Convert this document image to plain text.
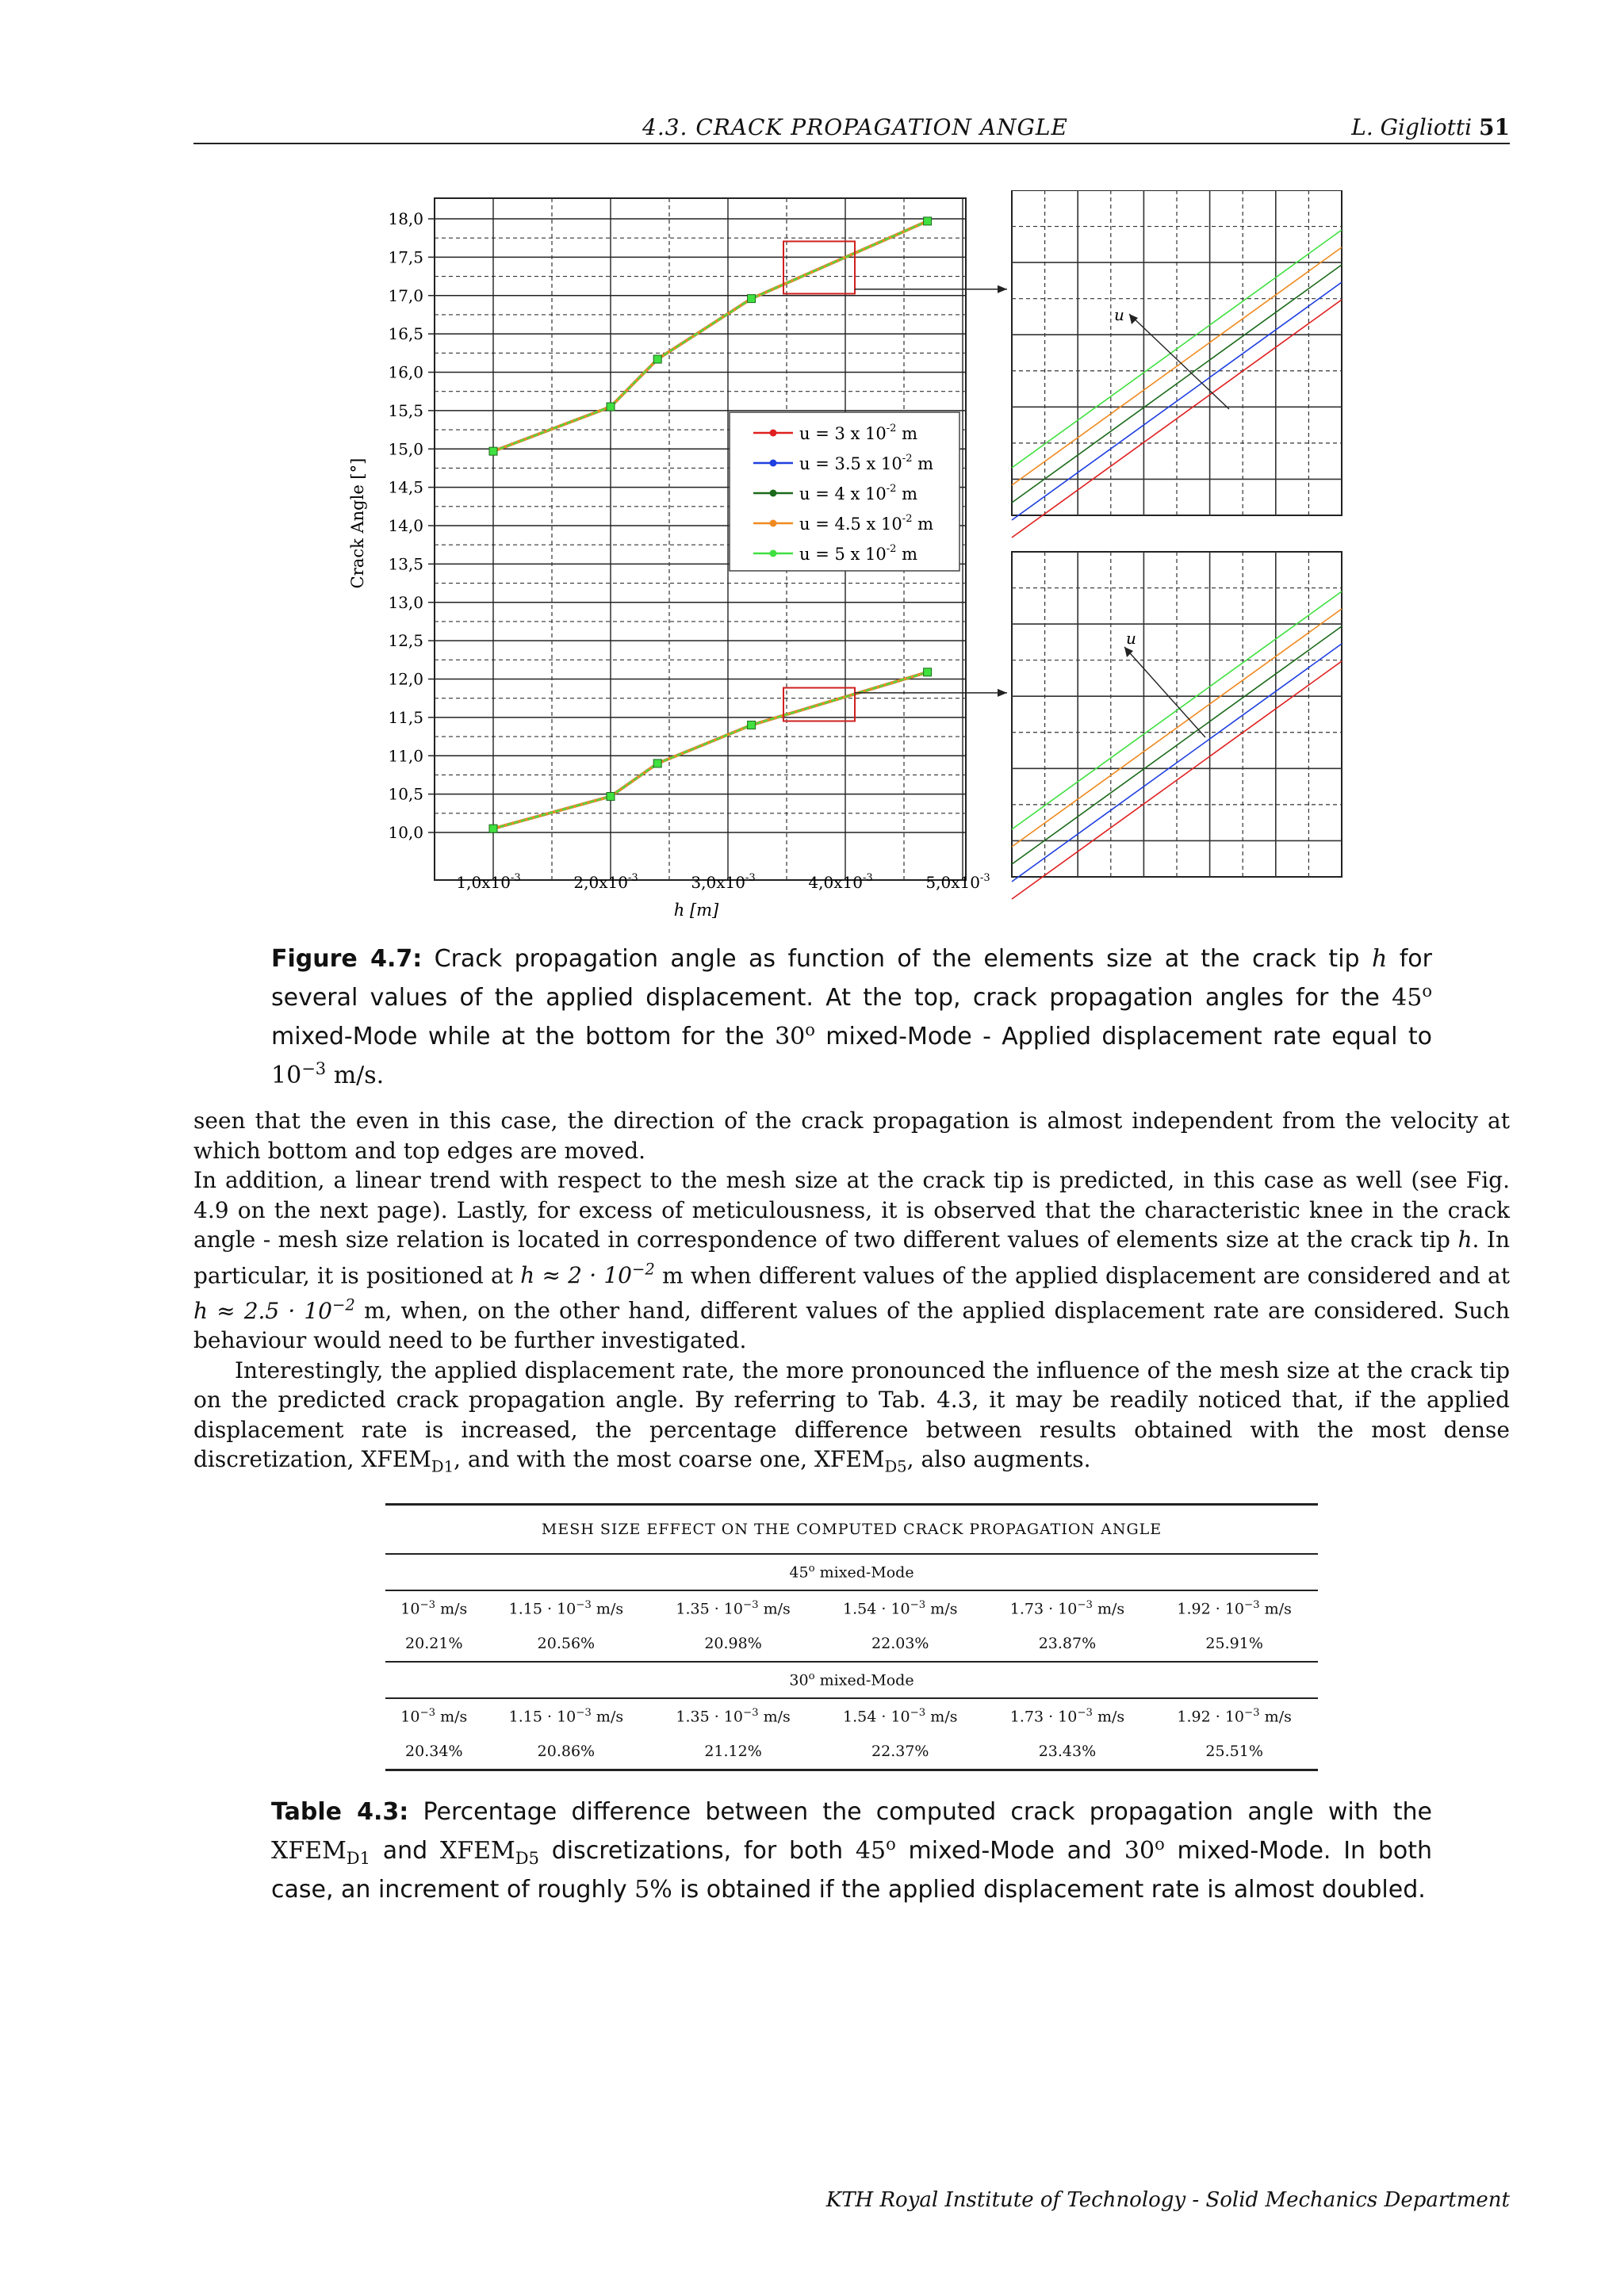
4.3. CRACK PROPAGATION ANGLE	L. Gigliotti 51
18,0
17,5
17,0
16,5
16,0
15,5
15,0
14,5
14,0
13,5
13,0
12,5
12,0
11,5
11,0
10,5
10,0
$1,0x10^{-3}$	$2,0x10^{-3}$	$3,0x10^{-3}$	$4,0x10^{-3}$	$5,0x10^{-3}$
h [m]
Crack Angle [°]
u = 3 x $10^{-2}$ m
u = 3.5 x $10^{-2}$ m
u = 4 x $10^{-2}$ m
u = 4.5 x $10^{-2}$ m
u = 5 x $10^{-2}$ m
u
u
Figure 4.7: Crack propagation angle as function of the elements size at the crack tip h for several values of the applied displacement. At the top, crack propagation angles for the 45$^o$ mixed-Mode while at the bottom for the 30$^o$ mixed-Mode - Applied displacement rate equal to $10^{-3}$ m/s.

seen that the even in this case, the direction of the crack propagation is almost independent from the velocity at which bottom and top edges are moved.

In addition, a linear trend with respect to the mesh size at the crack tip is predicted, in this case as well (see Fig. 4.9 on the next page). Lastly, for excess of meticulousness, it is observed that the characteristic knee in the crack angle - mesh size relation is located in correspondence of two different values of elements size at the crack tip h. In particular, it is positioned at $h \approx 2 \cdot 10^{-2}$ m when different values of the applied displacement are considered and at $h \approx 2.5 \cdot 10^{-2}$ m, when, on the other hand, different values of the applied displacement rate are considered. Such behaviour would need to be further investigated.

Interestingly, the applied displacement rate, the more pronounced the influence of the mesh size at the crack tip on the predicted crack propagation angle. By referring to Tab. 4.3, it may be readily noticed that, if the applied displacement rate is increased, the percentage difference between results obtained with the most dense discretization, $XFEM_{D1}$, and with the most coarse one, $XFEM_{D5}$, also augments.

MESH SIZE EFFECT ON THE COMPUTED CRACK PROPAGATION ANGLE					
45$^o$ mixed-Mode					
$10^{-3}$ m/s	$1.15 \cdot 10^{-3}$ m/s	$1.35 \cdot 10^{-3}$ m/s	$1.54 \cdot 10^{-3}$ m/s	$1.73 \cdot 10^{-3}$ m/s	$1.92 \cdot 10^{-3}$ m/s
20.21%	20.56%	20.98%	22.03%	23.87%	25.91%
30$^o$ mixed-Mode					
$10^{-3}$ m/s	$1.15 \cdot 10^{-3}$ m/s	$1.35 \cdot 10^{-3}$ m/s	$1.54 \cdot 10^{-3}$ m/s	$1.73 \cdot 10^{-3}$ m/s	$1.92 \cdot 10^{-3}$ m/s
20.34%	20.86%	21.12%	22.37%	23.43%	25.51%
Table 4.3: Percentage difference between the computed crack propagation angle with the $XFEM_{D1}$ and $XFEM_{D5}$ discretizations, for both 45$^o$ mixed-Mode and 30$^o$ mixed-Mode. In both case, an increment of roughly 5% is obtained if the applied displacement rate is almost doubled.
KTH Royal Institute of Technology - Solid Mechanics Department
